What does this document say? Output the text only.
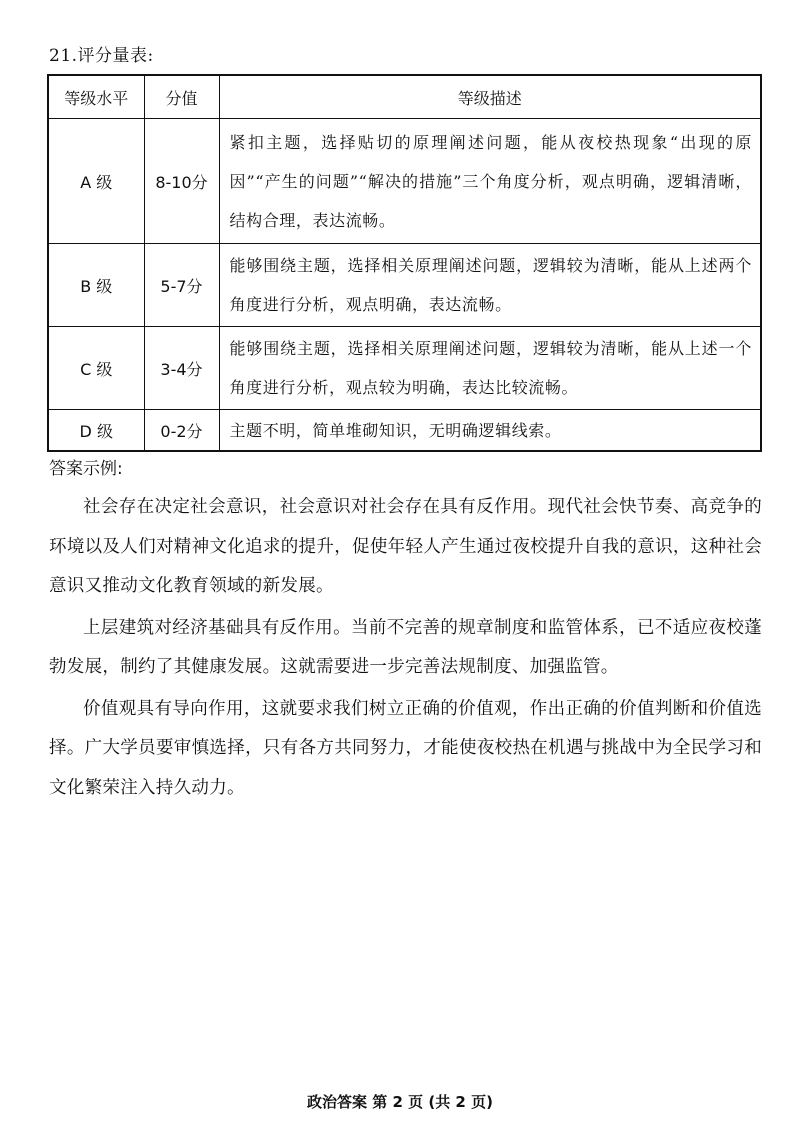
21.评分量表:
等级水平	分值	等级描述
A 级	8-10分	紧扣主题，选择贴切的原理阐述问题，能从夜校热现象“出现的原因”“产生的问题”“解决的措施”三个角度分析，观点明确，逻辑清晰，结构合理，表达流畅。
B 级	5-7分	能够围绕主题，选择相关原理阐述问题，逻辑较为清晰，能从上述两个角度进行分析，观点明确，表达流畅。
C 级	3-4分	能够围绕主题，选择相关原理阐述问题，逻辑较为清晰，能从上述一个角度进行分析，观点较为明确，表达比较流畅。
D 级	0-2分	主题不明，简单堆砌知识，无明确逻辑线索。
答案示例:

社会存在决定社会意识，社会意识对社会存在具有反作用。现代社会快节奏、高竞争的环境以及人们对精神文化追求的提升，促使年轻人产生通过夜校提升自我的意识，这种社会意识又推动文化教育领域的新发展。

上层建筑对经济基础具有反作用。当前不完善的规章制度和监管体系，已不适应夜校蓬勃发展，制约了其健康发展。这就需要进一步完善法规制度、加强监管。

价值观具有导向作用，这就要求我们树立正确的价值观，作出正确的价值判断和价值选择。广大学员要审慎选择，只有各方共同努力，才能使夜校热在机遇与挑战中为全民学习和文化繁荣注入持久动力。

政治答案 第 2 页 (共 2 页)
